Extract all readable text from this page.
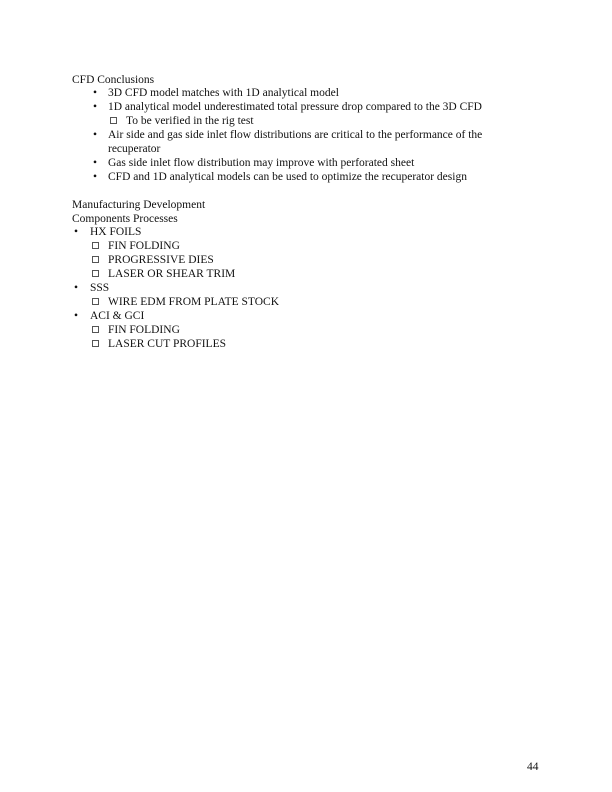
CFD Conclusions
• 3D CFD model matches with 1D analytical model
• 1D analytical model underestimated total pressure drop compared to the 3D CFD
To be verified in the rig test
• Air side and gas side inlet flow distributions are critical to the performance of the
recuperator
• Gas side inlet flow distribution may improve with perforated sheet
• CFD and 1D analytical models can be used to optimize the recuperator design
Manufacturing Development
Components Processes
• HX FOILS
FIN FOLDING
PROGRESSIVE DIES
LASER OR SHEAR TRIM
• SSS
WIRE EDM FROM PLATE STOCK
• ACI & GCI
FIN FOLDING
LASER CUT PROFILES
44
